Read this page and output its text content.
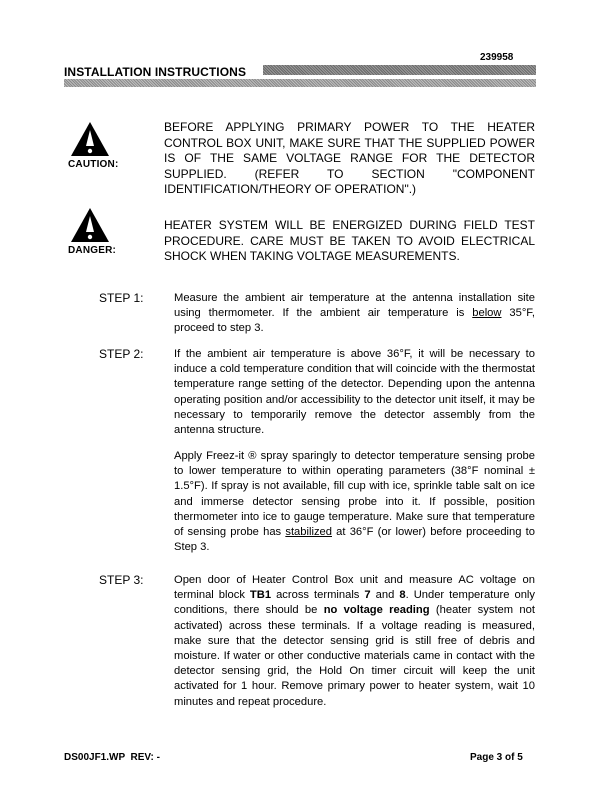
239958
INSTALLATION INSTRUCTIONS
CAUTION:
BEFORE APPLYING PRIMARY POWER TO THE HEATER CONTROL BOX UNIT, MAKE SURE THAT THE SUPPLIED POWER IS OF THE SAME VOLTAGE RANGE FOR THE DETECTOR SUPPLIED. (REFER TO SECTION "COMPONENT IDENTIFICATION/THEORY OF OPERATION".)
DANGER:
HEATER SYSTEM WILL BE ENERGIZED DURING FIELD TEST PROCEDURE. CARE MUST BE TAKEN TO AVOID ELECTRICAL SHOCK WHEN TAKING VOLTAGE MEASUREMENTS.
STEP 1:	Measure the ambient air temperature at the antenna installation site using thermometer. If the ambient air temperature is below 35°F, proceed to step 3.
STEP 2:	If the ambient air temperature is above 36°F, it will be necessary to induce a cold temperature condition that will coincide with the thermostat temperature range setting of the detector. Depending upon the antenna operating position and/or accessibility to the detector unit itself, it may be necessary to temporarily remove the detector assembly from the antenna structure.
Apply Freez-it ® spray sparingly to detector temperature sensing probe to lower temperature to within operating parameters (38°F nominal ± 1.5°F). If spray is not available, fill cup with ice, sprinkle table salt on ice and immerse detector sensing probe into it. If possible, position thermometer into ice to gauge temperature. Make sure that temperature of sensing probe has stabilized at 36°F (or lower) before proceeding to Step 3.
STEP 3:	Open door of Heater Control Box unit and measure AC voltage on terminal block TB1 across terminals 7 and 8. Under temperature only conditions, there should be no voltage reading (heater system not activated) across these terminals. If a voltage reading is measured, make sure that the detector sensing grid is still free of debris and moisture. If water or other conductive materials came in contact with the detector sensing grid, the Hold On timer circuit will keep the unit activated for 1 hour. Remove primary power to heater system, wait 10 minutes and repeat procedure.
DS00JF1.WP  REV: -	Page 3 of 5
